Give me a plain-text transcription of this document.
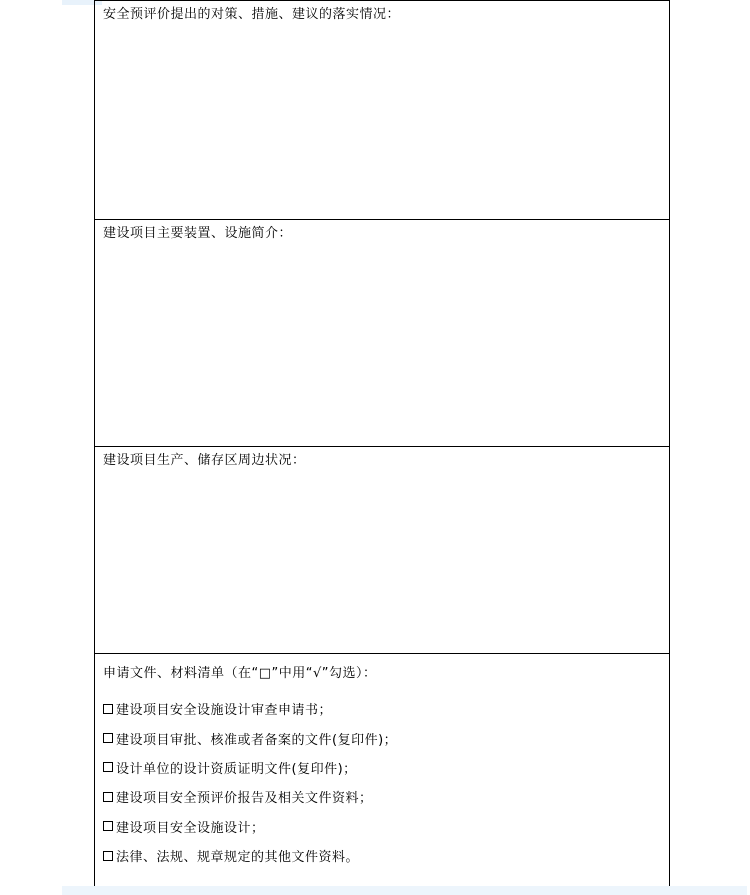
安全预评价提出的对策、措施、建议的落实情况：
建设项目主要装置、设施简介：
建设项目生产、储存区周边状况：
申请文件、材料清单（在“□”中用“√”勾选）：
建设项目安全设施设计审查申请书；
建设项目审批、核准或者备案的文件(复印件)；
设计单位的设计资质证明文件(复印件)；
建设项目安全预评价报告及相关文件资料；
建设项目安全设施设计；
法律、法规、规章规定的其他文件资料。
